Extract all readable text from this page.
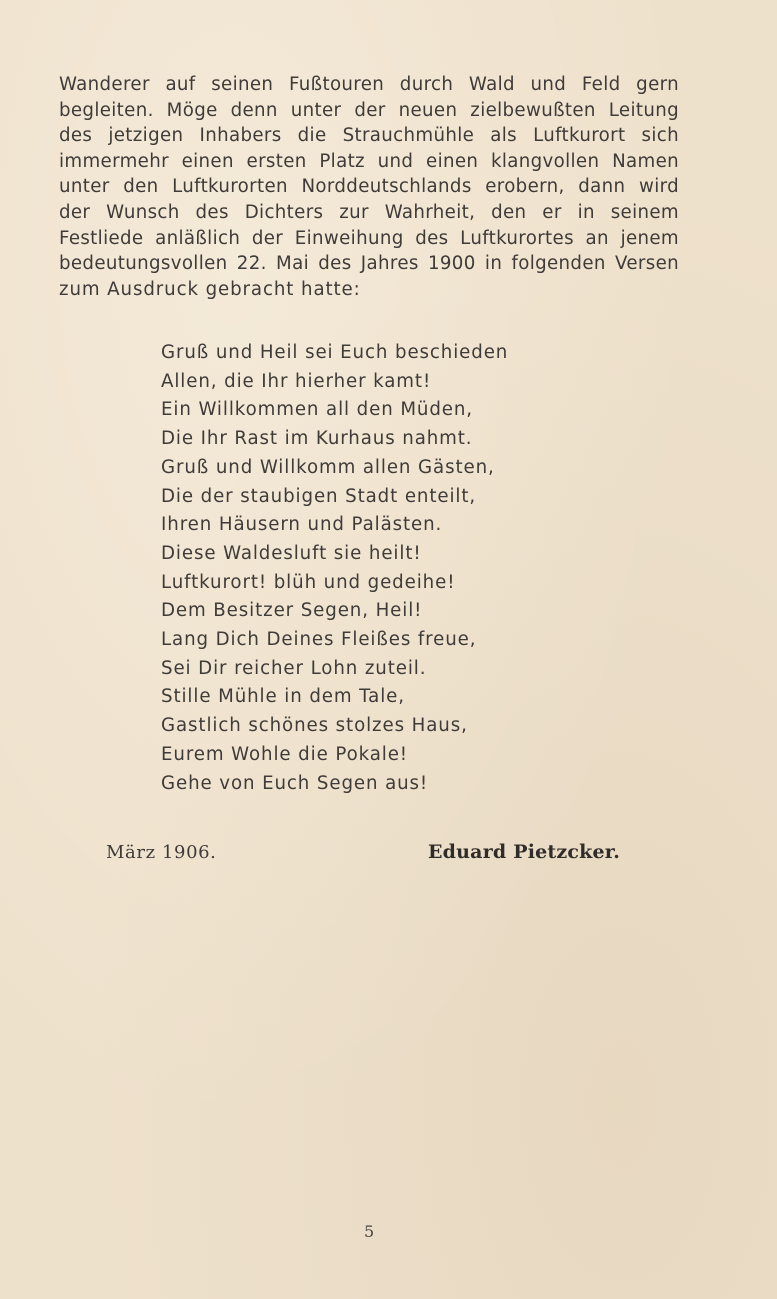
Wanderer auf seinen Fußtouren durch Wald und Feld gern
begleiten. Möge denn unter der neuen zielbewußten Leitung
des jetzigen Inhabers die Strauchmühle als Luftkurort sich
immermehr einen ersten Platz und einen klangvollen Namen
unter den Luftkurorten Norddeutschlands erobern, dann wird
der Wunsch des Dichters zur Wahrheit, den er in seinem
Festliede anläßlich der Einweihung des Luftkurortes an jenem
bedeutungsvollen 22. Mai des Jahres 1900 in folgenden Versen
zum Ausdruck gebracht hatte:
Gruß und Heil sei Euch beschieden
Allen, die Ihr hierher kamt!
Ein Willkommen all den Müden,
Die Ihr Rast im Kurhaus nahmt.
Gruß und Willkomm allen Gästen,
Die der staubigen Stadt enteilt,
Ihren Häusern und Palästen.
Diese Waldesluft sie heilt!
Luftkurort! blüh und gedeihe!
Dem Besitzer Segen, Heil!
Lang Dich Deines Fleißes freue,
Sei Dir reicher Lohn zuteil.
Stille Mühle in dem Tale,
Gastlich schönes stolzes Haus,
Eurem Wohle die Pokale!
Gehe von Euch Segen aus!
März 1906.	Eduard Pietzcker.
5
